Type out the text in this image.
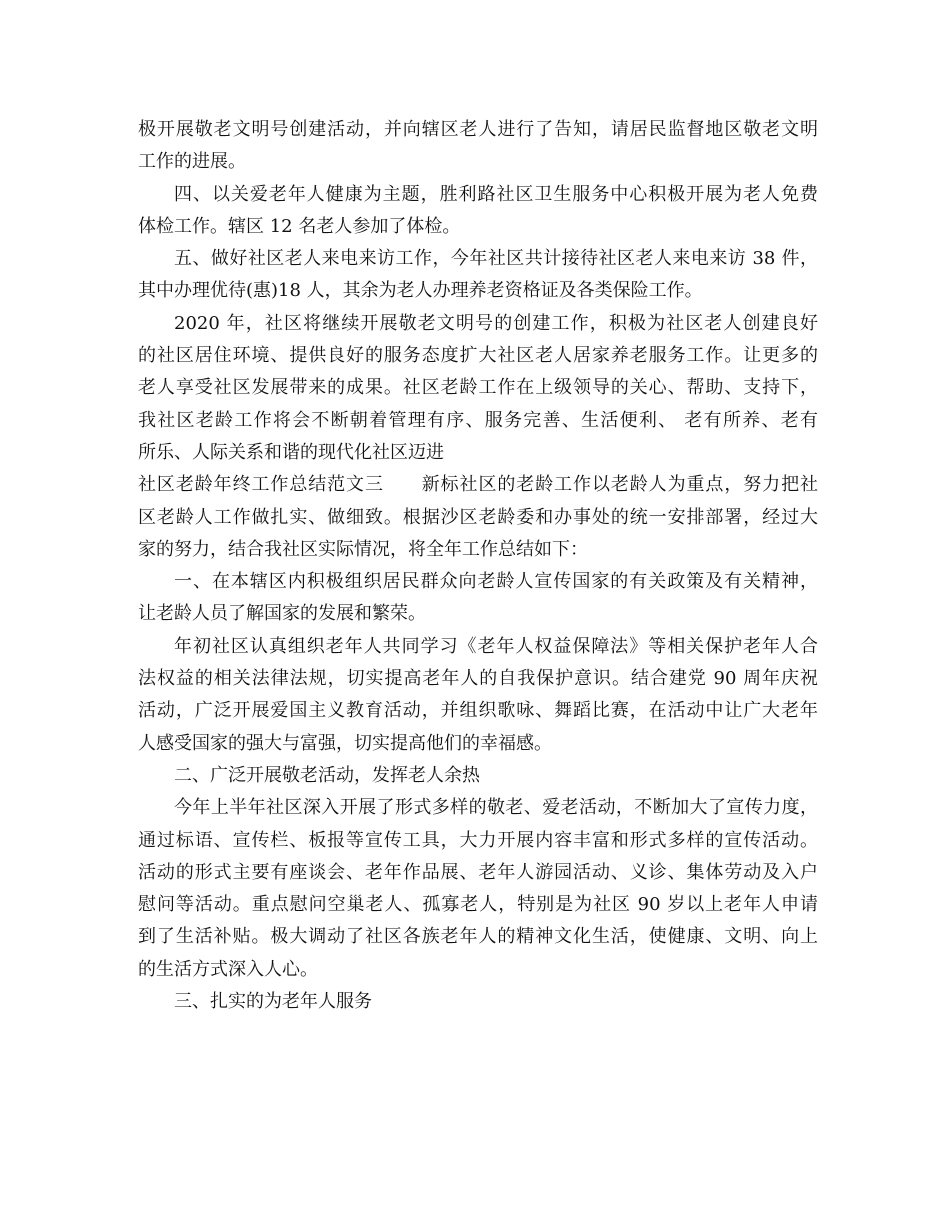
极开展敬老文明号创建活动，并向辖区老人进行了告知，请居民监督地区敬老文明
工作的进展。
四、以关爱老年人健康为主题，胜利路社区卫生服务中心积极开展为老人免费
体检工作。辖区 12 名老人参加了体检。
五、做好社区老人来电来访工作，今年社区共计接待社区老人来电来访 38 件，
其中办理优待(惠)18 人，其余为老人办理养老资格证及各类保险工作。
2020 年，社区将继续开展敬老文明号的创建工作，积极为社区老人创建良好
的社区居住环境、提供良好的服务态度扩大社区老人居家养老服务工作。让更多的
老人享受社区发展带来的成果。社区老龄工作在上级领导的关心、帮助、支持下，
我社区老龄工作将会不断朝着管理有序、服务完善、生活便利、 老有所养、老有
所乐、人际关系和谐的现代化社区迈进
社区老龄年终工作总结范文三　　新标社区的老龄工作以老龄人为重点，努力把社
区老龄人工作做扎实、做细致。根据沙区老龄委和办事处的统一安排部署，经过大
家的努力，结合我社区实际情况，将全年工作总结如下：
一、在本辖区内积极组织居民群众向老龄人宣传国家的有关政策及有关精神，
让老龄人员了解国家的发展和繁荣。
年初社区认真组织老年人共同学习《老年人权益保障法》等相关保护老年人合
法权益的相关法律法规，切实提高老年人的自我保护意识。结合建党 90 周年庆祝
活动，广泛开展爱国主义教育活动，并组织歌咏、舞蹈比赛，在活动中让广大老年
人感受国家的强大与富强，切实提高他们的幸福感。
二、广泛开展敬老活动，发挥老人余热
今年上半年社区深入开展了形式多样的敬老、爱老活动，不断加大了宣传力度，
通过标语、宣传栏、板报等宣传工具，大力开展内容丰富和形式多样的宣传活动。
活动的形式主要有座谈会、老年作品展、老年人游园活动、义诊、集体劳动及入户
慰问等活动。重点慰问空巢老人、孤寡老人，特别是为社区 90 岁以上老年人申请
到了生活补贴。极大调动了社区各族老年人的精神文化生活，使健康、文明、向上
的生活方式深入人心。
三、扎实的为老年人服务
